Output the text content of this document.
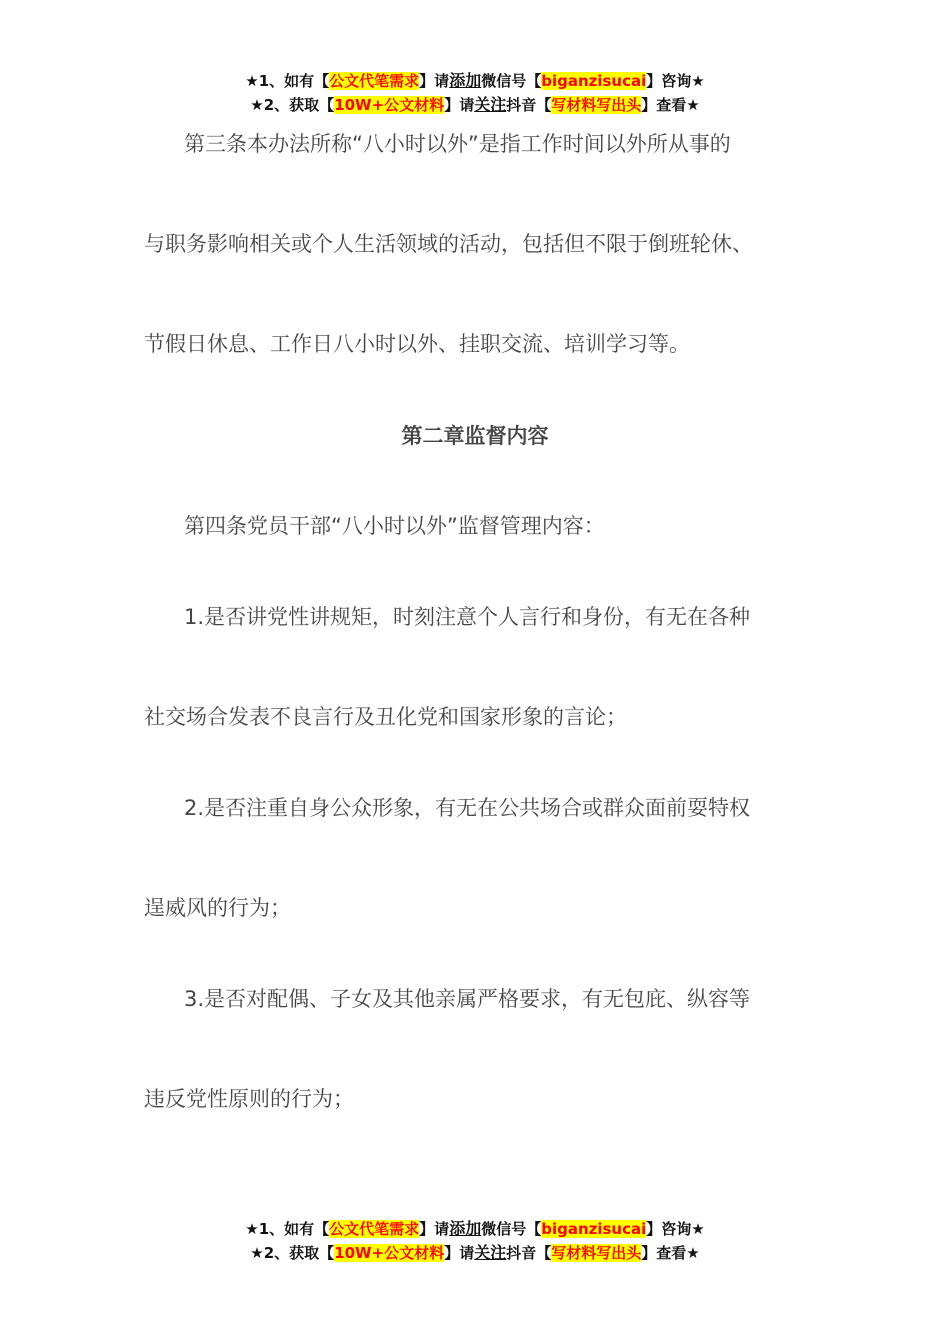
★1、如有【公文代笔需求】请添加微信号【biganzisucai】咨询★
★2、获取【10W+公文材料】请关注抖音【写材料写出头】查看★
第三条本办法所称“八小时以外”是指工作时间以外所从事的
与职务影响相关或个人生活领域的活动，包括但不限于倒班轮休、
节假日休息、工作日八小时以外、挂职交流、培训学习等。
第二章监督内容
第四条党员干部“八小时以外”监督管理内容：
1.是否讲党性讲规矩，时刻注意个人言行和身份，有无在各种
社交场合发表不良言行及丑化党和国家形象的言论；
2.是否注重自身公众形象，有无在公共场合或群众面前耍特权
逞威风的行为；
3.是否对配偶、子女及其他亲属严格要求，有无包庇、纵容等
违反党性原则的行为；
★1、如有【公文代笔需求】请添加微信号【biganzisucai】咨询★
★2、获取【10W+公文材料】请关注抖音【写材料写出头】查看★
